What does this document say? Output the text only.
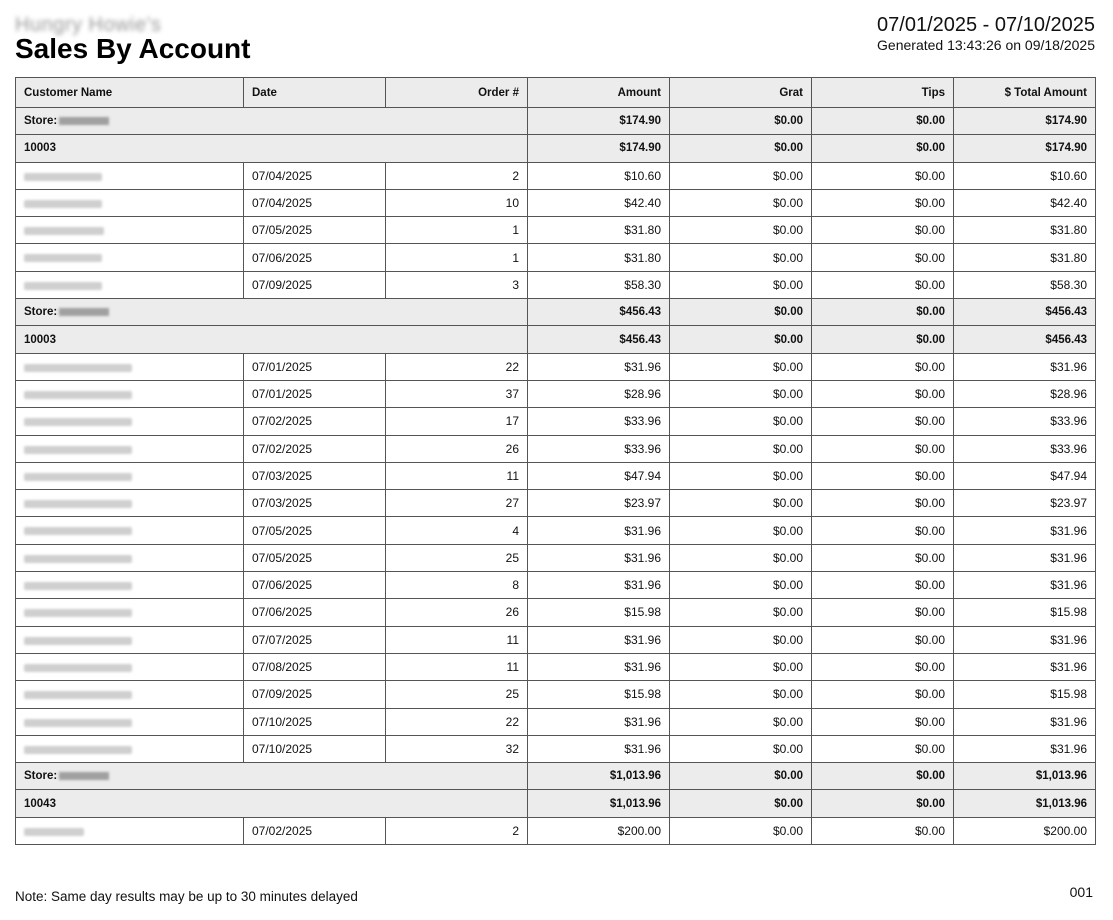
Hungry Howie's
Sales By Account
07/01/2025 - 07/10/2025
Generated 13:43:26 on 09/18/2025
Customer Name	Date	Order #	Amount	Grat	Tips	$ Total Amount
Store:			$174.90	$0.00	$0.00	$174.90
10003			$174.90	$0.00	$0.00	$174.90
	07/04/2025	2	$10.60	$0.00	$0.00	$10.60
	07/04/2025	10	$42.40	$0.00	$0.00	$42.40
	07/05/2025	1	$31.80	$0.00	$0.00	$31.80
	07/06/2025	1	$31.80	$0.00	$0.00	$31.80
	07/09/2025	3	$58.30	$0.00	$0.00	$58.30
Store:			$456.43	$0.00	$0.00	$456.43
10003			$456.43	$0.00	$0.00	$456.43
	07/01/2025	22	$31.96	$0.00	$0.00	$31.96
	07/01/2025	37	$28.96	$0.00	$0.00	$28.96
	07/02/2025	17	$33.96	$0.00	$0.00	$33.96
	07/02/2025	26	$33.96	$0.00	$0.00	$33.96
	07/03/2025	11	$47.94	$0.00	$0.00	$47.94
	07/03/2025	27	$23.97	$0.00	$0.00	$23.97
	07/05/2025	4	$31.96	$0.00	$0.00	$31.96
	07/05/2025	25	$31.96	$0.00	$0.00	$31.96
	07/06/2025	8	$31.96	$0.00	$0.00	$31.96
	07/06/2025	26	$15.98	$0.00	$0.00	$15.98
	07/07/2025	11	$31.96	$0.00	$0.00	$31.96
	07/08/2025	11	$31.96	$0.00	$0.00	$31.96
	07/09/2025	25	$15.98	$0.00	$0.00	$15.98
	07/10/2025	22	$31.96	$0.00	$0.00	$31.96
	07/10/2025	32	$31.96	$0.00	$0.00	$31.96
Store:			$1,013.96	$0.00	$0.00	$1,013.96
10043			$1,013.96	$0.00	$0.00	$1,013.96
	07/02/2025	2	$200.00	$0.00	$0.00	$200.00
Note: Same day results may be up to 30 minutes delayed	001
